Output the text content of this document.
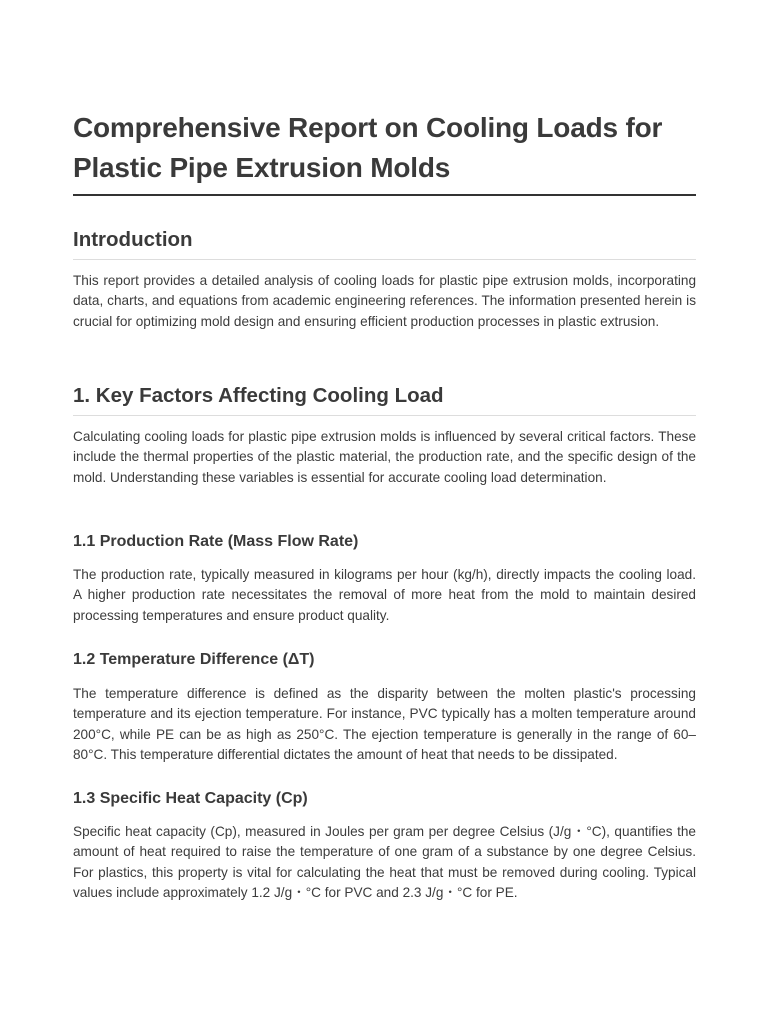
Comprehensive Report on Cooling Loads for Plastic Pipe Extrusion Molds
Introduction

This report provides a detailed analysis of cooling loads for plastic pipe extrusion molds, incorporating data, charts, and equations from academic engineering references. The information presented herein is crucial for optimizing mold design and ensuring efficient production processes in plastic extrusion.

1. Key Factors Affecting Cooling Load

Calculating cooling loads for plastic pipe extrusion molds is influenced by several critical factors. These include the thermal properties of the plastic material, the production rate, and the specific design of the mold. Understanding these variables is essential for accurate cooling load determination.

1.1 Production Rate (Mass Flow Rate)

The production rate, typically measured in kilograms per hour (kg/h), directly impacts the cooling load. A higher production rate necessitates the removal of more heat from the mold to maintain desired processing temperatures and ensure product quality.

1.2 Temperature Difference (ΔT)

The temperature difference is defined as the disparity between the molten plastic's processing temperature and its ejection temperature. For instance, PVC typically has a molten temperature around 200°C, while PE can be as high as 250°C. The ejection temperature is generally in the range of 60–80°C. This temperature differential dictates the amount of heat that needs to be dissipated.

1.3 Specific Heat Capacity (Cp)

Specific heat capacity (Cp), measured in Joules per gram per degree Celsius (J/g・°C), quantifies the amount of heat required to raise the temperature of one gram of a substance by one degree Celsius. For plastics, this property is vital for calculating the heat that must be removed during cooling. Typical values include approximately 1.2 J/g・°C for PVC and 2.3 J/g・°C for PE.
